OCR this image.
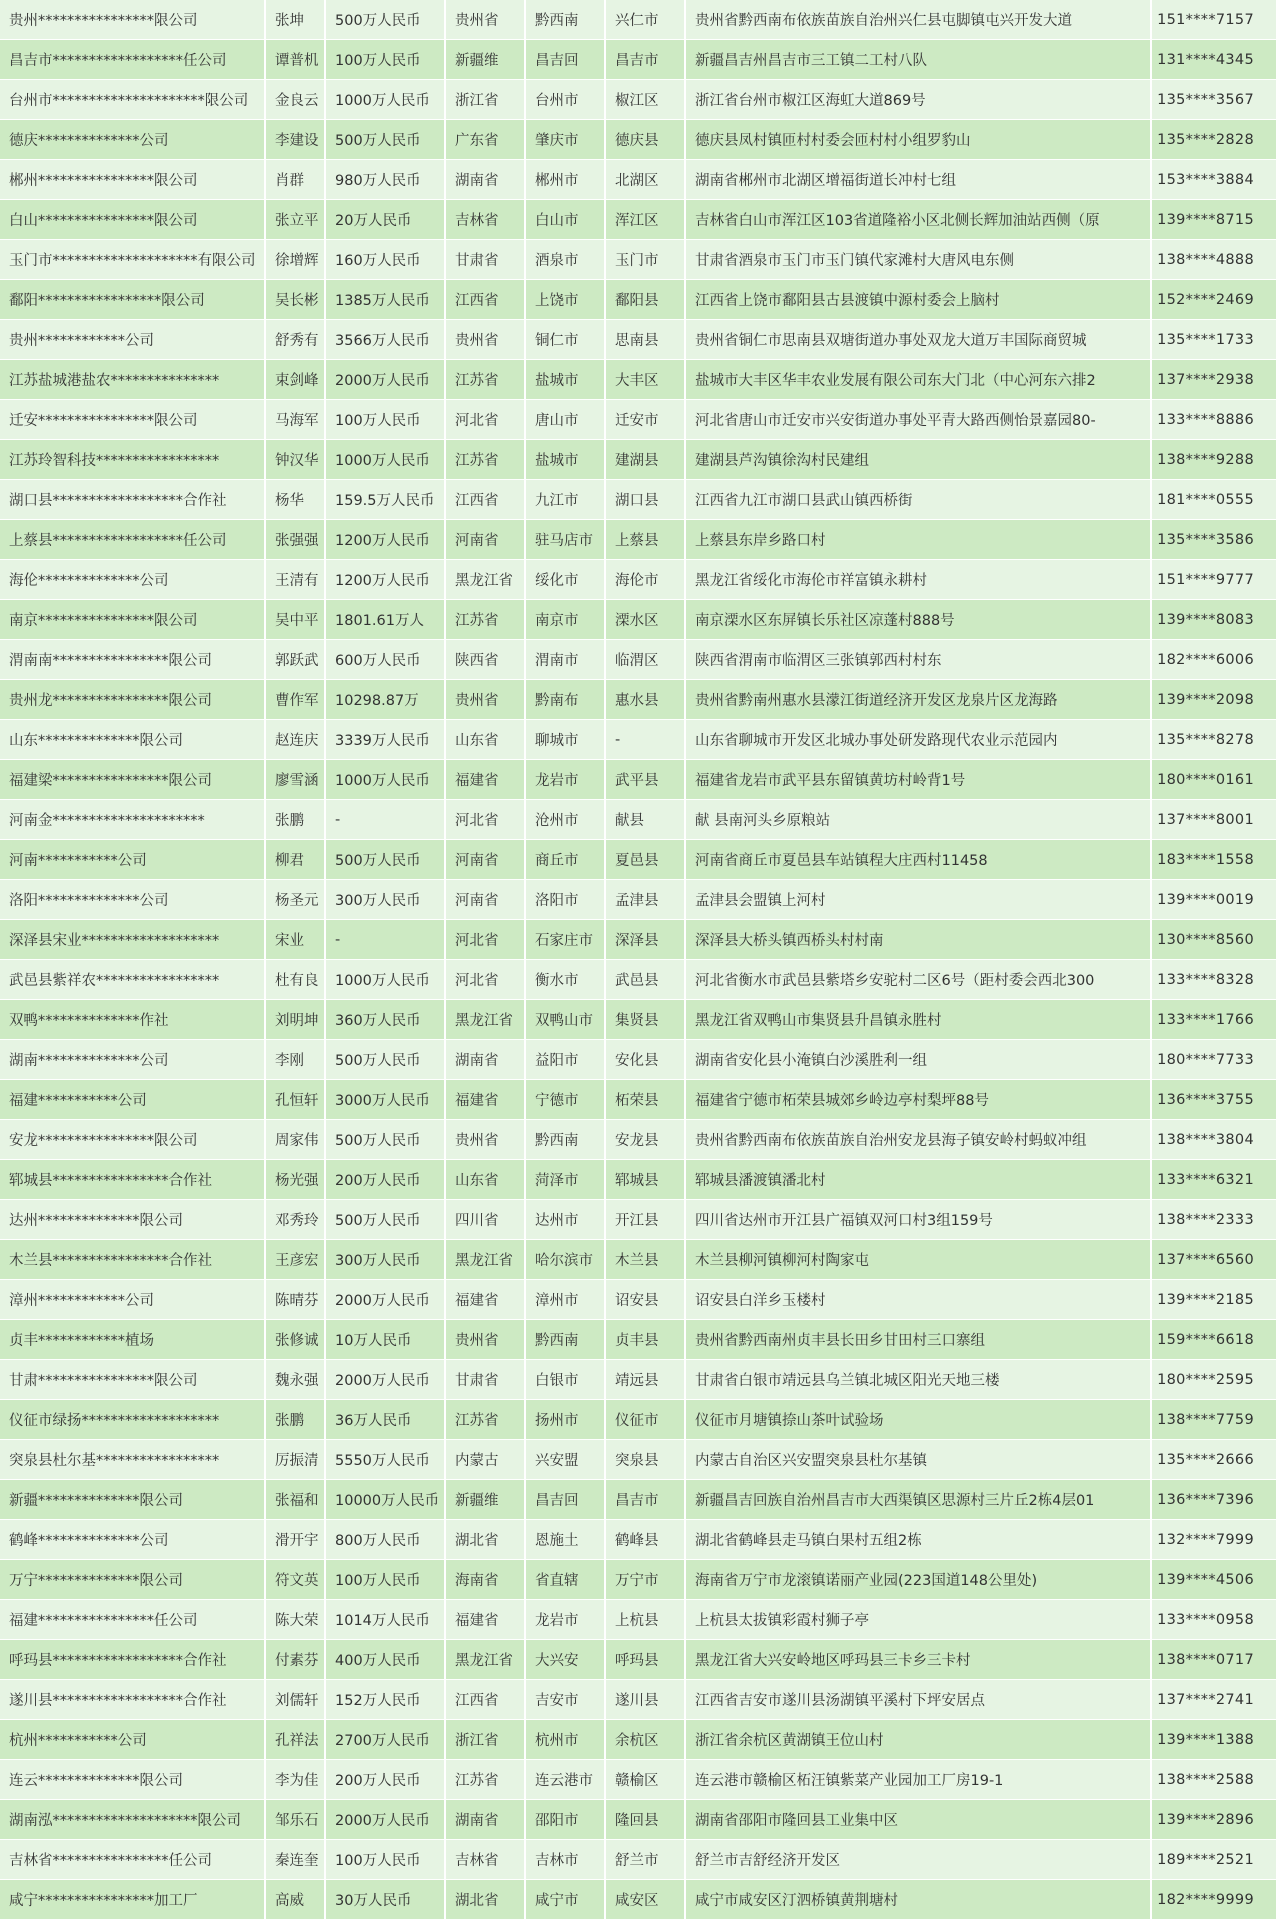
贵州****************限公司	张坤	500万人民币	贵州省	黔西南	兴仁市	贵州省黔西南布依族苗族自治州兴仁县屯脚镇屯兴开发大道	151****7157
昌吉市******************任公司	谭普机	100万人民币	新疆维	昌吉回	昌吉市	新疆昌吉州昌吉市三工镇二工村八队	131****4345
台州市*********************限公司	金良云	1000万人民币	浙江省	台州市	椒江区	浙江省台州市椒江区海虹大道869号	135****3567
德庆**************公司	李建设	500万人民币	广东省	肇庆市	德庆县	德庆县凤村镇匝村村委会匝村村小组罗豹山	135****2828
郴州****************限公司	肖群	980万人民币	湖南省	郴州市	北湖区	湖南省郴州市北湖区增福街道长冲村七组	153****3884
白山****************限公司	张立平	20万人民币	吉林省	白山市	浑江区	吉林省白山市浑江区103省道隆裕小区北侧长辉加油站西侧（原	139****8715
玉门市********************有限公司	徐增辉	160万人民币	甘肃省	酒泉市	玉门市	甘肃省酒泉市玉门市玉门镇代家滩村大唐风电东侧	138****4888
鄱阳*****************限公司	吴长彬	1385万人民币	江西省	上饶市	鄱阳县	江西省上饶市鄱阳县古县渡镇中源村委会上脑村	152****2469
贵州************公司	舒秀有	3566万人民币	贵州省	铜仁市	思南县	贵州省铜仁市思南县双塘街道办事处双龙大道万丰国际商贸城	135****1733
江苏盐城港盐农***************	束剑峰	2000万人民币	江苏省	盐城市	大丰区	盐城市大丰区华丰农业发展有限公司东大门北（中心河东六排2	137****2938
迁安****************限公司	马海军	100万人民币	河北省	唐山市	迁安市	河北省唐山市迁安市兴安街道办事处平青大路西侧怡景嘉园80-	133****8886
江苏玲智科技*****************	钟汉华	1000万人民币	江苏省	盐城市	建湖县	建湖县芦沟镇徐沟村民建组	138****9288
湖口县******************合作社	杨华	159.5万人民币	江西省	九江市	湖口县	江西省九江市湖口县武山镇西桥街	181****0555
上蔡县******************任公司	张强强	1200万人民币	河南省	驻马店市	上蔡县	上蔡县东岸乡路口村	135****3586
海伦**************公司	王清有	1200万人民币	黑龙江省	绥化市	海伦市	黑龙江省绥化市海伦市祥富镇永耕村	151****9777
南京****************限公司	吴中平	1801.61万人	江苏省	南京市	溧水区	南京溧水区东屏镇长乐社区凉蓬村888号	139****8083
渭南南****************限公司	郭跃武	600万人民币	陕西省	渭南市	临渭区	陕西省渭南市临渭区三张镇郭西村村东	182****6006
贵州龙****************限公司	曹作军	10298.87万	贵州省	黔南布	惠水县	贵州省黔南州惠水县濛江街道经济开发区龙泉片区龙海路	139****2098
山东**************限公司	赵连庆	3339万人民币	山东省	聊城市	-	山东省聊城市开发区北城办事处研发路现代农业示范园内	135****8278
福建梁****************限公司	廖雪涵	1000万人民币	福建省	龙岩市	武平县	福建省龙岩市武平县东留镇黄坊村岭背1号	180****0161
河南金*********************	张鹏	-	河北省	沧州市	献县	献 县南河头乡原粮站	137****8001
河南***********公司	柳君	500万人民币	河南省	商丘市	夏邑县	河南省商丘市夏邑县车站镇程大庄西村11458	183****1558
洛阳**************公司	杨圣元	300万人民币	河南省	洛阳市	孟津县	孟津县会盟镇上河村	139****0019
深泽县宋业*******************	宋业	-	河北省	石家庄市	深泽县	深泽县大桥头镇西桥头村村南	130****8560
武邑县紫祥农*****************	杜有良	1000万人民币	河北省	衡水市	武邑县	河北省衡水市武邑县紫塔乡安驼村二区6号（距村委会西北300	133****8328
双鸭**************作社	刘明坤	360万人民币	黑龙江省	双鸭山市	集贤县	黑龙江省双鸭山市集贤县升昌镇永胜村	133****1766
湖南**************公司	李刚	500万人民币	湖南省	益阳市	安化县	湖南省安化县小淹镇白沙溪胜利一组	180****7733
福建***********公司	孔恒轩	3000万人民币	福建省	宁德市	柘荣县	福建省宁德市柘荣县城郊乡岭边亭村梨坪88号	136****3755
安龙****************限公司	周家伟	500万人民币	贵州省	黔西南	安龙县	贵州省黔西南布依族苗族自治州安龙县海子镇安岭村蚂蚁冲组	138****3804
郓城县****************合作社	杨光强	200万人民币	山东省	菏泽市	郓城县	郓城县潘渡镇潘北村	133****6321
达州**************限公司	邓秀玲	500万人民币	四川省	达州市	开江县	四川省达州市开江县广福镇双河口村3组159号	138****2333
木兰县****************合作社	王彦宏	300万人民币	黑龙江省	哈尔滨市	木兰县	木兰县柳河镇柳河村陶家屯	137****6560
漳州************公司	陈晴芬	2000万人民币	福建省	漳州市	诏安县	诏安县白洋乡玉楼村	139****2185
贞丰************植场	张修诚	10万人民币	贵州省	黔西南	贞丰县	贵州省黔西南州贞丰县长田乡甘田村三口寨组	159****6618
甘肃****************限公司	魏永强	2000万人民币	甘肃省	白银市	靖远县	甘肃省白银市靖远县乌兰镇北城区阳光天地三楼	180****2595
仪征市绿扬*******************	张鹏	36万人民币	江苏省	扬州市	仪征市	仪征市月塘镇捺山茶叶试验场	138****7759
突泉县杜尔基*****************	厉振清	5550万人民币	内蒙古	兴安盟	突泉县	内蒙古自治区兴安盟突泉县杜尔基镇	135****2666
新疆**************限公司	张福和	10000万人民币	新疆维	昌吉回	昌吉市	新疆昌吉回族自治州昌吉市大西渠镇区思源村三片丘2栋4层01	136****7396
鹤峰**************公司	滑开宇	800万人民币	湖北省	恩施土	鹤峰县	湖北省鹤峰县走马镇白果村五组2栋	132****7999
万宁**************限公司	符文英	100万人民币	海南省	省直辖	万宁市	海南省万宁市龙滚镇诺丽产业园(223国道148公里处)	139****4506
福建****************任公司	陈大荣	1014万人民币	福建省	龙岩市	上杭县	上杭县太拔镇彩霞村狮子亭	133****0958
呼玛县******************合作社	付素芬	400万人民币	黑龙江省	大兴安	呼玛县	黑龙江省大兴安岭地区呼玛县三卡乡三卡村	138****0717
遂川县******************合作社	刘儒轩	152万人民币	江西省	吉安市	遂川县	江西省吉安市遂川县汤湖镇平溪村下坪安居点	137****2741
杭州***********公司	孔祥法	2700万人民币	浙江省	杭州市	余杭区	浙江省余杭区黄湖镇王位山村	139****1388
连云**************限公司	李为佳	200万人民币	江苏省	连云港市	赣榆区	连云港市赣榆区柘汪镇紫菜产业园加工厂房19-1	138****2588
湖南泓********************限公司	邹乐石	2000万人民币	湖南省	邵阳市	隆回县	湖南省邵阳市隆回县工业集中区	139****2896
吉林省****************任公司	秦连奎	100万人民币	吉林省	吉林市	舒兰市	舒兰市吉舒经济开发区	189****2521
咸宁****************加工厂	高威	30万人民币	湖北省	咸宁市	咸安区	咸宁市咸安区汀泗桥镇黄荆塘村	182****9999
